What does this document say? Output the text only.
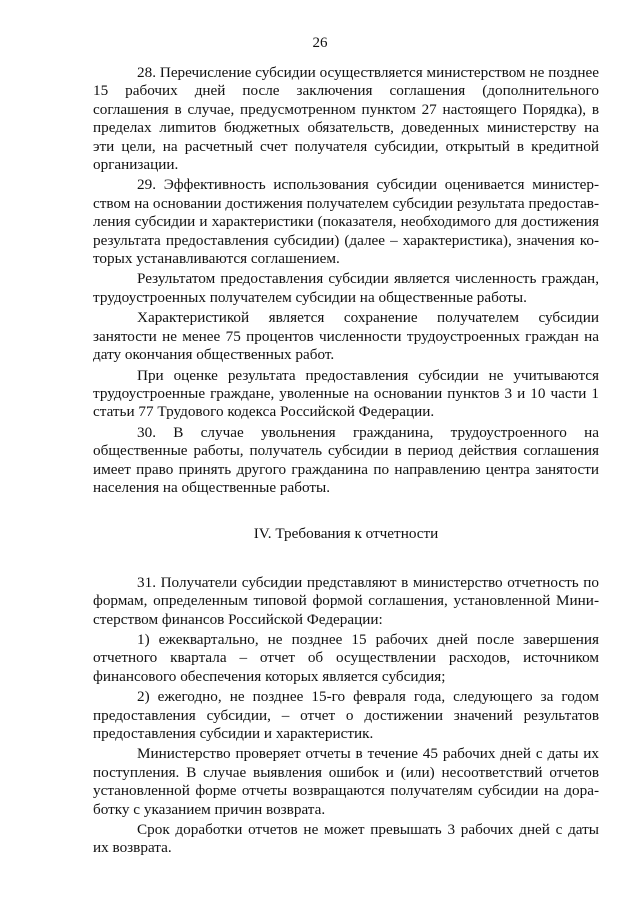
26

28. Перечисление субсидии осуществляется министерством не позднее 15 рабочих дней после заключения соглашения (дополнительного соглашения в случае, предусмотренном пунктом 27 настоящего Порядка), в пределах лиmитов бюджетных обязательств, доведенных министерству на эти цели, на расчетный счет получателя субсидии, открытый в кредитной организации.

29. Эффективность использования субсидии оценивается министерством на основании достижения получателем субсидии результата предоставления субсидии и характеристики (показателя, необходимого для достижения результата предоставления субсидии) (далее – характеристика), значения которых устанавливаются соглашением.

Результатом предоставления субсидии является численность граждан, трудоустроенных получателем субсидии на общественные работы.

Характеристикой является сохранение получателем субсидии занятости не менее 75 процентов численности трудоустроенных граждан на дату окончания общественных работ.

При оценке результата предоставления субсидии не учитываются трудоустроенные граждане, уволенные на основании пунктов 3 и 10 части 1 статьи 77 Трудового кодекса Российской Федерации.

30. В случае увольнения гражданина, трудоустроенного на общественные работы, получатель субсидии в период действия соглашения имеет право принять другого гражданина по направлению центра занятости населения на общественные работы.

IV. Требования к отчетности

31. Получатели субсидии представляют в министерство отчетность по формам, определенным типовой формой соглашения, установленной Министерством финансов Российской Федерации:

1) ежеквартально, не позднее 15 рабочих дней после завершения отчетного квартала – отчет об осуществлении расходов, источником финансового обеспечения которых является субсидия;

2) ежегодно, не позднее 15-го февраля года, следующего за годом предоставления субсидии, – отчет о достижении значений результатов предоставления субсидии и характеристик.

Министерство проверяет отчеты в течение 45 рабочих дней с даты их поступления. В случае выявления ошибок и (или) несоответствий отчетов установленной форме отчеты возвращаются получателям субсидии на доработку с указанием причин возврата.

Срок доработки отчетов не может превышать 3 рабочих дней с даты их возврата.
